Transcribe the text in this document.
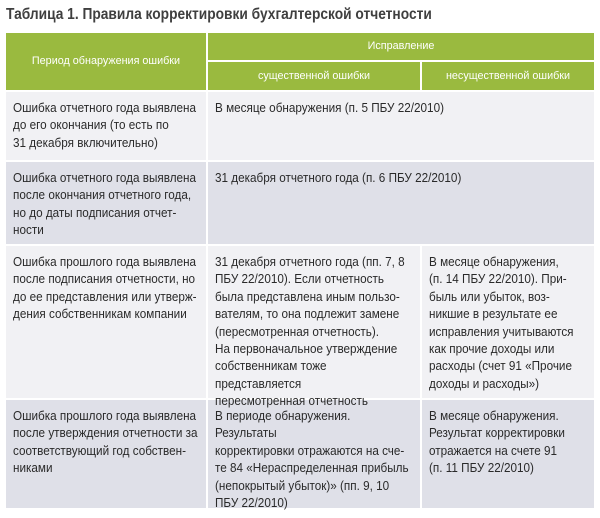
Таблица 1. Правила корректировки бухгалтерской отчетности
Период обнаружения ошибки
Исправление
существенной ошибки	несущественной ошибки
Ошибка отчетного года выявлена
до его окончания (то есть по
31 декабря включительно)
В месяце обнаружения (п. 5 ПБУ 22/2010)
Ошибка отчетного года выявлена
после окончания отчетного года,
но до даты подписания отчет-
ности
31 декабря отчетного года (п. 6 ПБУ 22/2010)
Ошибка прошлого года выявлена
после подписания отчетности, но
до ее представления или утверж-
дения собственникам компании
31 декабря отчетного года (пп. 7, 8
ПБУ 22/2010). Если отчетность
была представлена иным пользо-
вателям, то она подлежит замене
(пересмотренная отчетность).
На первоначальное утверждение
собственникам тоже представляется
пересмотренная отчетность
В месяце обнаружения,
(п. 14 ПБУ 22/2010). При-
быль или убыток, воз-
никшие в результате ее
исправления учитываются
как прочие доходы или
расходы (счет 91 «Прочие
доходы и расходы»)
Ошибка прошлого года выявлена
после утверждения отчетности за
соответствующий год собствен-
никами
В периоде обнаружения. Результаты
корректировки отражаются на сче-
те 84 «Нераспределенная прибыль
(непокрытый убыток)» (пп. 9, 10
ПБУ 22/2010)
В месяце обнаружения.
Результат корректировки
отражается на счете 91
(п. 11 ПБУ 22/2010)
